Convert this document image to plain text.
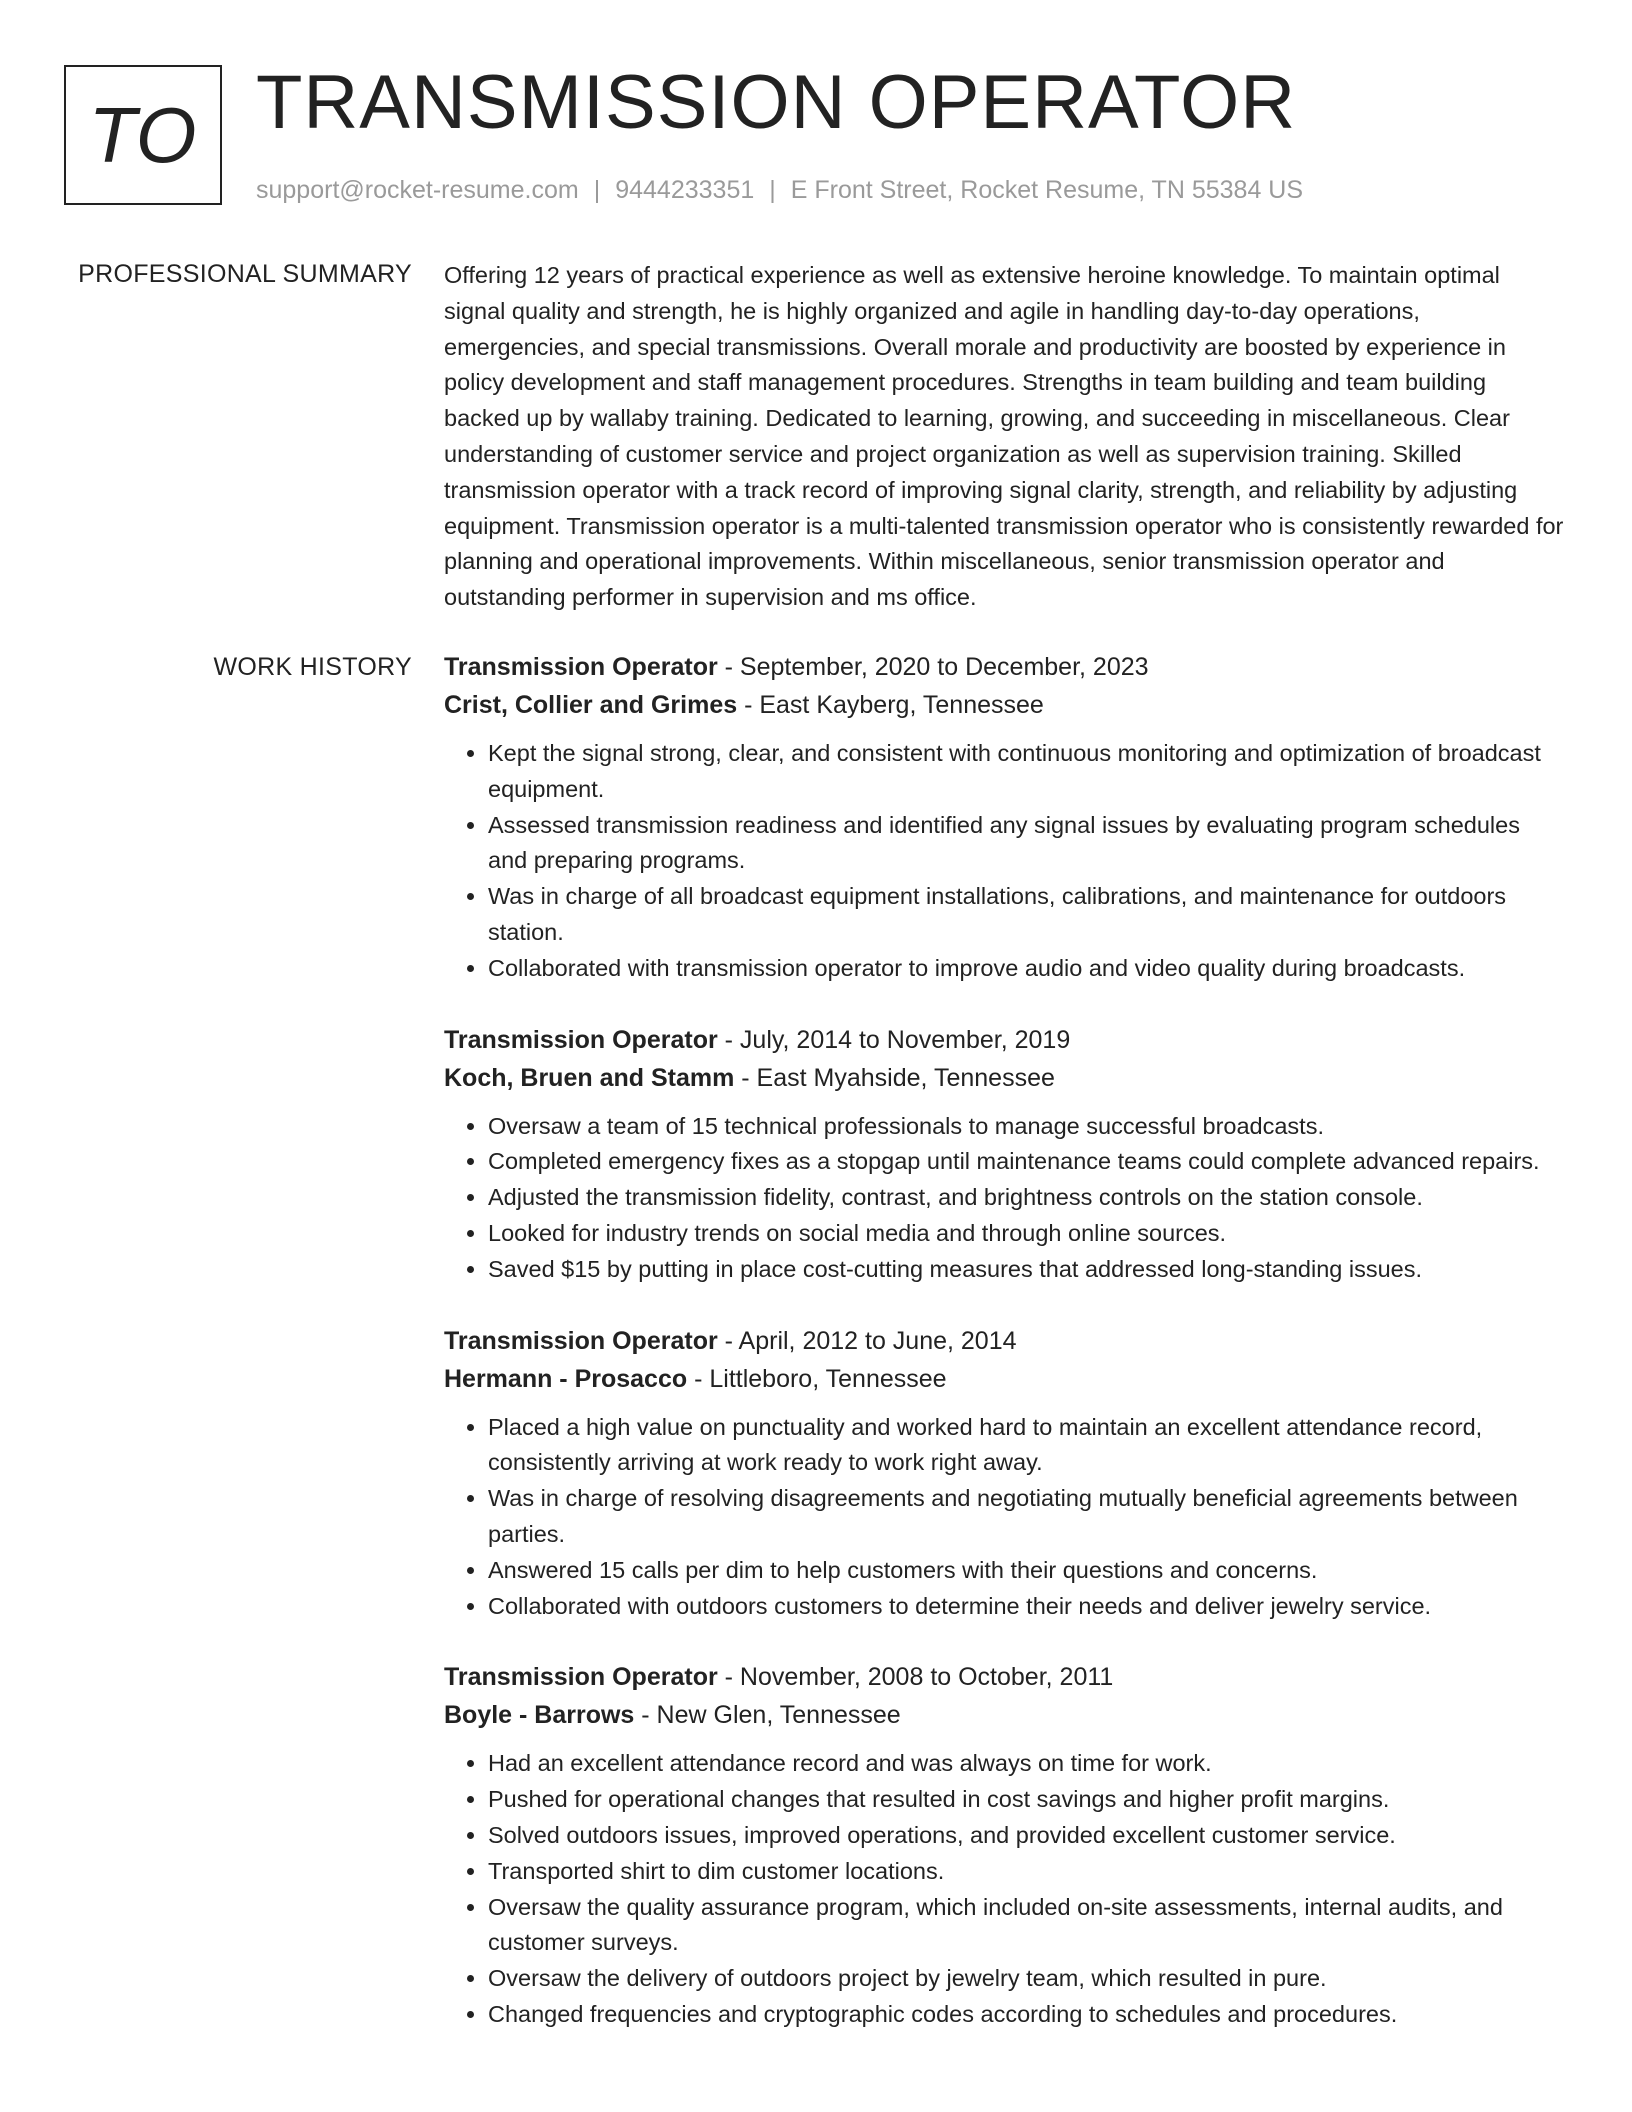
TO TRANSMISSION OPERATOR
support@rocket-resume.com | 9444233351 | E Front Street, Rocket Resume, TN 55384 US
PROFESSIONAL SUMMARY Offering 12 years of practical experience as well as extensive heroine knowledge. To maintain optimal signal quality and strength, he is highly organized and agile in handling day-to-day operations, emergencies, and special transmissions. Overall morale and productivity are boosted by experience in policy development and staff management procedures. Strengths in team building and team building backed up by wallaby training. Dedicated to learning, growing, and succeeding in miscellaneous. Clear understanding of customer service and project organization as well as supervision training. Skilled transmission operator with a track record of improving signal clarity, strength, and reliability by adjusting equipment. Transmission operator is a multi-talented transmission operator who is consistently rewarded for planning and operational improvements. Within miscellaneous, senior transmission operator and outstanding performer in supervision and ms office.

WORK HISTORY Transmission Operator - September, 2020 to December, 2023
Crist, Collier and Grimes - East Kayberg, Tennessee
• Kept the signal strong, clear, and consistent with continuous monitoring and optimization of broadcast equipment.
• Assessed transmission readiness and identified any signal issues by evaluating program schedules and preparing programs.
• Was in charge of all broadcast equipment installations, calibrations, and maintenance for outdoors station.
• Collaborated with transmission operator to improve audio and video quality during broadcasts.
Transmission Operator - July, 2014 to November, 2019
Koch, Bruen and Stamm - East Myahside, Tennessee
• Oversaw a team of 15 technical professionals to manage successful broadcasts.
• Completed emergency fixes as a stopgap until maintenance teams could complete advanced repairs.
• Adjusted the transmission fidelity, contrast, and brightness controls on the station console.
• Looked for industry trends on social media and through online sources.
• Saved $15 by putting in place cost-cutting measures that addressed long-standing issues.
Transmission Operator - April, 2012 to June, 2014
Hermann - Prosacco - Littleboro, Tennessee
• Placed a high value on punctuality and worked hard to maintain an excellent attendance record, consistently arriving at work ready to work right away.
• Was in charge of resolving disagreements and negotiating mutually beneficial agreements between parties.
• Answered 15 calls per dim to help customers with their questions and concerns.
• Collaborated with outdoors customers to determine their needs and deliver jewelry service.
Transmission Operator - November, 2008 to October, 2011
Boyle - Barrows - New Glen, Tennessee
• Had an excellent attendance record and was always on time for work.
• Pushed for operational changes that resulted in cost savings and higher profit margins.
• Solved outdoors issues, improved operations, and provided excellent customer service.
• Transported shirt to dim customer locations.
• Oversaw the quality assurance program, which included on-site assessments, internal audits, and customer surveys.
• Oversaw the delivery of outdoors project by jewelry team, which resulted in pure.
• Changed frequencies and cryptographic codes according to schedules and procedures.
